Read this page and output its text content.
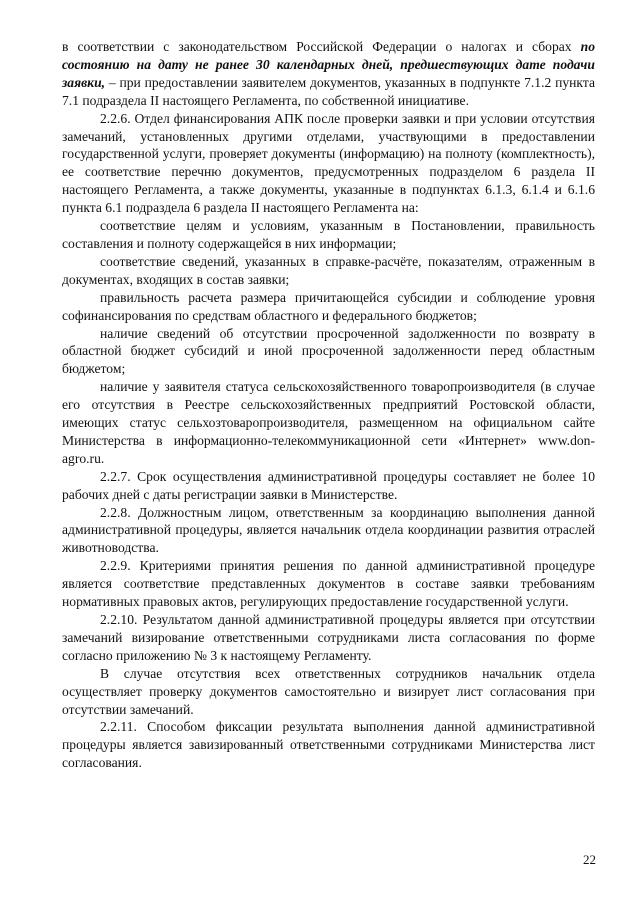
в соответствии с законодательством Российской Федерации о налогах и сборах по состоянию на дату не ранее 30 календарных дней, предшествующих дате подачи заявки, – при предоставлении заявителем документов, указанных в подпункте 7.1.2 пункта 7.1 подраздела II настоящего Регламента, по собственной инициативе.

2.2.6. Отдел финансирования АПК после проверки заявки и при условии отсутствия замечаний, установленных другими отделами, участвующими в предоставлении государственной услуги, проверяет документы (информацию) на полноту (комплектность), ее соответствие перечню документов, предусмотренных подразделом 6 раздела II настоящего Регламента, а также документы, указанные в подпунктах 6.1.3, 6.1.4 и 6.1.6 пункта 6.1 подраздела 6 раздела II настоящего Регламента на:

соответствие целям и условиям, указанным в Постановлении, правильность составления и полноту содержащейся в них информации;

соответствие сведений, указанных в справке-расчёте, показателям, отраженным в документах, входящих в состав заявки;

правильность расчета размера причитающейся субсидии и соблюдение уровня софинансирования по средствам областного и федерального бюджетов;

наличие сведений об отсутствии просроченной задолженности по возврату в областной бюджет субсидий и иной просроченной задолженности перед областным бюджетом;

наличие у заявителя статуса сельскохозяйственного товаропроизводителя (в случае его отсутствия в Реестре сельскохозяйственных предприятий Ростовской области, имеющих статус сельхозтоваропроизводителя, размещенном на официальном сайте Министерства в информационно-телекоммуникационной сети «Интернет» www.don-agro.ru.

2.2.7. Срок осуществления административной процедуры составляет не более 10 рабочих дней с даты регистрации заявки в Министерстве.

2.2.8. Должностным лицом, ответственным за координацию выполнения данной административной процедуры, является начальник отдела координации развития отраслей животноводства.

2.2.9. Критериями принятия решения по данной административной процедуре является соответствие представленных документов в составе заявки требованиям нормативных правовых актов, регулирующих предоставление государственной услуги.

2.2.10. Результатом данной административной процедуры является при отсутствии замечаний визирование ответственными сотрудниками листа согласования по форме согласно приложению № 3 к настоящему Регламенту.

В случае отсутствия всех ответственных сотрудников начальник отдела осуществляет проверку документов самостоятельно и визирует лист согласования при отсутствии замечаний.

2.2.11. Способом фиксации результата выполнения данной административной процедуры является завизированный ответственными сотрудниками Министерства лист согласования.

22
